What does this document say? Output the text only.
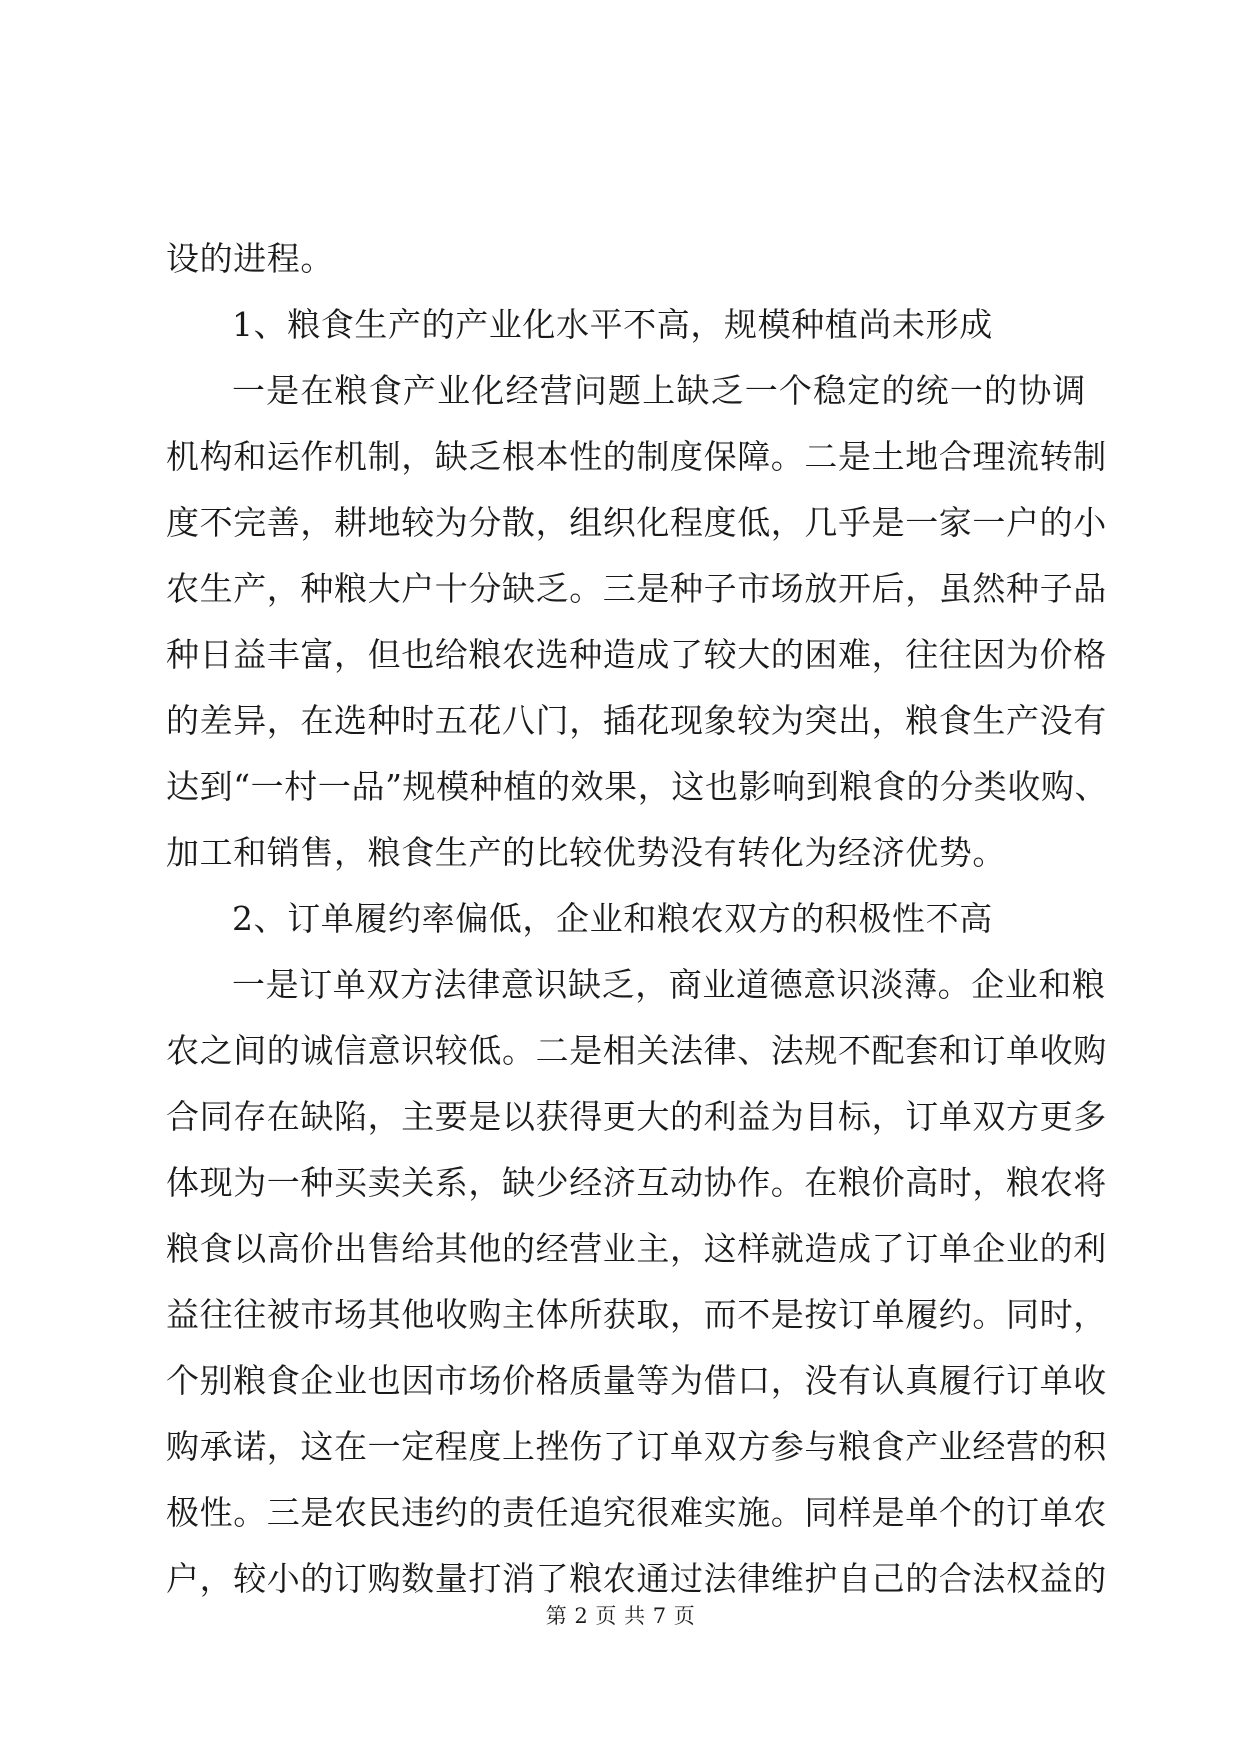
设的进程。
1、粮食生产的产业化水平不高，规模种植尚未形成
一是在粮食产业化经营问题上缺乏一个稳定的统一的协调
机构和运作机制，缺乏根本性的制度保障。二是土地合理流转制
度不完善，耕地较为分散，组织化程度低，几乎是一家一户的小
农生产，种粮大户十分缺乏。三是种子市场放开后，虽然种子品
种日益丰富，但也给粮农选种造成了较大的困难，往往因为价格
的差异，在选种时五花八门，插花现象较为突出，粮食生产没有
达到“一村一品”规模种植的效果，这也影响到粮食的分类收购、
加工和销售，粮食生产的比较优势没有转化为经济优势。
2、订单履约率偏低，企业和粮农双方的积极性不高
一是订单双方法律意识缺乏，商业道德意识淡薄。企业和粮
农之间的诚信意识较低。二是相关法律、法规不配套和订单收购
合同存在缺陷，主要是以获得更大的利益为目标，订单双方更多
体现为一种买卖关系，缺少经济互动协作。在粮价高时，粮农将
粮食以高价出售给其他的经营业主，这样就造成了订单企业的利
益往往被市场其他收购主体所获取，而不是按订单履约。同时，
个别粮食企业也因市场价格质量等为借口，没有认真履行订单收
购承诺，这在一定程度上挫伤了订单双方参与粮食产业经营的积
极性。三是农民违约的责任追究很难实施。同样是单个的订单农
户，较小的订购数量打消了粮农通过法律维护自己的合法权益的
第 2 页 共 7 页
